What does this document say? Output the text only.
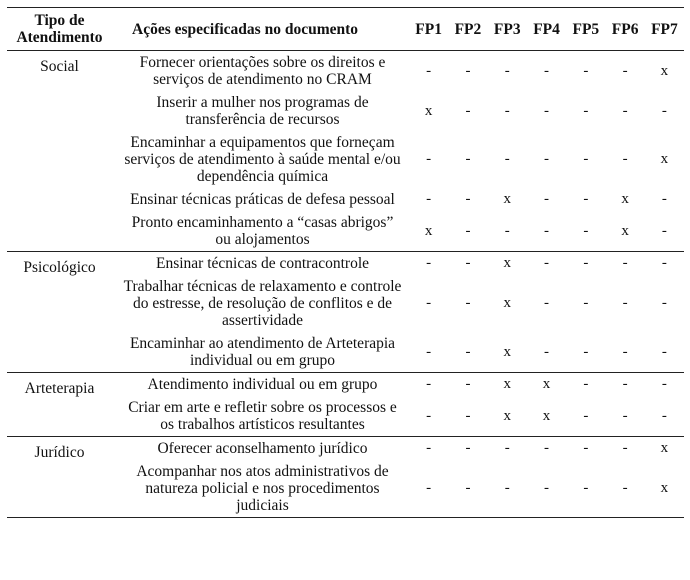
Tipo de Atendimento	Ações especificadas no documento	FP1	FP2	FP3	FP4	FP5	FP6	FP7
Social	Fornecer orientações sobre os direitos e serviços de atendimento no CRAM	-	-	-	-	-	-	x
	Inserir a mulher nos programas de transferência de recursos	x	-	-	-	-	-	-
	Encaminhar a equipamentos que forneçam serviços de atendimento à saúde mental e/ou dependência química	-	-	-	-	-	-	x
	Ensinar técnicas práticas de defesa pessoal	-	-	x	-	-	x	-
	Pronto encaminhamento a “casas abrigos” ou alojamentos	x	-	-	-	-	x	-
Psicológico	Ensinar técnicas de contracontrole	-	-	x	-	-	-	-
	Trabalhar técnicas de relaxamento e controle do estresse, de resolução de conflitos e de assertividade	-	-	x	-	-	-	-
	Encaminhar ao atendimento de Arteterapia individual ou em grupo	-	-	x	-	-	-	-
Arteterapia	Atendimento individual ou em grupo	-	-	x	x	-	-	-
	Criar em arte e refletir sobre os processos e os trabalhos artísticos resultantes	-	-	x	x	-	-	-
Jurídico	Oferecer aconselhamento jurídico	-	-	-	-	-	-	x
	Acompanhar nos atos administrativos de natureza policial e nos procedimentos judiciais	-	-	-	-	-	-	x
